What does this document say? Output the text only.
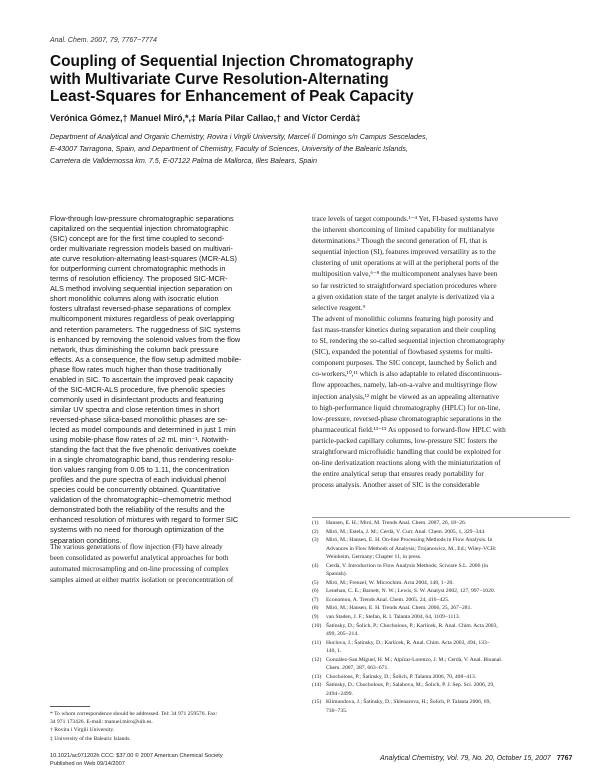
Anal. Chem. 2007, 79, 7767−7774
Coupling of Sequential Injection Chromatography
with Multivariate Curve Resolution-Alternating
Least-Squares for Enhancement of Peak Capacity
Verónica Gómez,† Manuel Miró,*,‡ María Pilar Callao,† and Víctor Cerdà‡
Department of Analytical and Organic Chemistry, Rovira i Virgili University, Marcel·lí Domingo s/n Campus Sescelades,
E-43007 Tarragona, Spain, and Department of Chemistry, Faculty of Sciences, University of the Balearic Islands,
Carretera de Valldemossa km. 7.5, E-07122 Palma de Mallorca, Illes Balears, Spain
Flow-through low-pressure chromatographic separations
capitalized on the sequential injection chromatographic
(SIC) concept are for the first time coupled to second-
order multivariate regression models based on multivari-
ate curve resolution-alternating least-squares (MCR-ALS)
for outperforming current chromatographic methods in
terms of resolution efficiency. The proposed SIC-MCR-
ALS method involving sequential injection separation on
short monolithic columns along with isocratic elution
fosters ultrafast reversed-phase separations of complex
multicomponent mixtures regardless of peak overlapping
and retention parameters. The ruggedness of SIC systems
is enhanced by removing the solenoid valves from the flow
network, thus diminishing the column back pressure
effects. As a consequence, the flow setup admitted mobile-
phase flow rates much higher than those traditionally
enabled in SIC. To ascertain the improved peak capacity
of the SIC-MCR-ALS procedure, five phenolic species
commonly used in disinfectant products and featuring
similar UV spectra and close retention times in short
reversed-phase silica-based monolithic phases are se-
lected as model compounds and determined in just 1 min
using mobile-phase flow rates of ≥2 mL min⁻¹. Notwith-
standing the fact that the five phenolic derivatives coelute
in a single chromatographic band, thus rendering resolu-
tion values ranging from 0.05 to 1.11, the concentration
profiles and the pure spectra of each individual phenol
species could be concurrently obtained. Quantitative
validation of the chromatographic−chemometric method
demonstrated both the reliability of the results and the
enhanced resolution of mixtures with regard to former SIC
systems with no need for thorough optimization of the
separation conditions.
The various generations of flow injection (FI) have already
been consolidated as powerful analytical approaches for both
automated microsampling and on-line processing of complex
samples aimed at either matrix isolation or preconcentration of
trace levels of target compounds.¹⁻⁴ Yet, FI-based systems have
the inherent shortcoming of limited capability for multianalyte
determinations.⁵ Though the second generation of FI, that is
sequential injection (SI), features improved versatility as to the
clustering of unit operations at will at the peripheral ports of the
multiposition valve,⁶⁻⁸ the multicomponent analyses have been
so far restricted to straightforward speciation procedures where
a given oxidation state of the target analyte is derivatized via a
selective reagent.⁹
The advent of monolithic columns featuring high porosity and
fast mass-transfer kinetics during separation and their coupling
to SI, rendering the so-called sequential injection chromatography
(SIC), expanded the potential of flowbased systems for multi-
component purposes. The SIC concept, launched by Šolich and
co-workers,¹⁰,¹¹ which is also adaptable to related discontinuous-
flow approaches, namely, lab-on-a-valve and multisyringe flow
injection analysis,¹² might be viewed as an appealing alternative
to high-performance liquid chromatography (HPLC) for on-line,
low-pressure, reversed-phase chromatographic separations in the
pharmaceutical field.¹³⁻¹⁵ As opposed to forward-flow HPLC with
particle-packed capillary columns, low-pressure SIC fosters the
straightforward microfluidic handling that could be exploited for
on-line derivatization reactions along with the miniaturization of
the entire analytical setup that ensures ready portability for
process analysis. Another asset of SIC is the considerable
(1) Hansen, E. H.; Miró, M. Trends Anal. Chem. 2007, 26, 18−26.
(2) Miró, M.; Estela, J. M.; Cerdà, V. Curr. Anal. Chem. 2005, 1, 329−344.
(3) Miró, M.; Hansen, E. H. On-line Processing Methods in Flow Analysis. In
Advances in Flow Methods of Analysis; Trojanowicz, M., Ed.; Wiley-VCH:
Weinheim, Germany; Chapter 11, in press.
(4) Cerdà, V. Introduction to Flow Analysis Methods; Sciware S.L. 2006 (in
Spanish).
(5) Miró, M.; Frenzel, W. Microchim. Acta 2004, 148, 1−20.
(6) Lenehan, C. E.; Barnett, N. W.; Lewis, S. W. Analyst 2002, 127, 997−1020.
(7) Economou, A. Trends Anal. Chem. 2005, 24, 416−425.
(8) Miró, M.; Hansen, E. H. Trends Anal. Chem. 2006, 25, 267−281.
(9) van Staden, J. F.; Stefan, R. I. Talanta 2004, 64, 1109−1113.
(10) Šatínsky, D.; Šolich, P.; Chocholous, P.; Karlícek, R. Anal. Chim. Acta 2003,
499, 205−214.
(11) Huclova, J.; Šatínsky, D.; Karlícek, R. Anal. Chim. Acta 2003, 494, 133−
140, 1.
(12) González-San Miguel, H. M.; Alpízar-Lorenzo, J. M.; Cerdà, V. Anal. Bioanal.
Chem. 2007, 387, 663−671.
(13) Chocholous, P.; Šatínsky, D.; Šolich, P. Talanta 2006, 70, 408−413.
(14) Šatínsky, D.; Chocholous, P.; Salabova, M.; Šolich, P. J. Sep. Sci. 2006, 29,
2494−2499.
(15) Klimundova, J.; Šatínsky, D.; Sklenarova, H.; Šolich, P. Talanta 2006, 69,
730−735.
* To whom correspondence should be addressed. Tel: 34 971 259576. Fax:
34 971 173426. E-mail: manuel.miro@uib.es.
† Rovira i Virgili University.
‡ University of the Balearic Islands.
10.1021/ac071202h CCC: $37.00 © 2007 American Chemical Society
Published on Web 09/14/2007
Analytical Chemistry, Vol. 79, No. 20, October 15, 2007 7767
